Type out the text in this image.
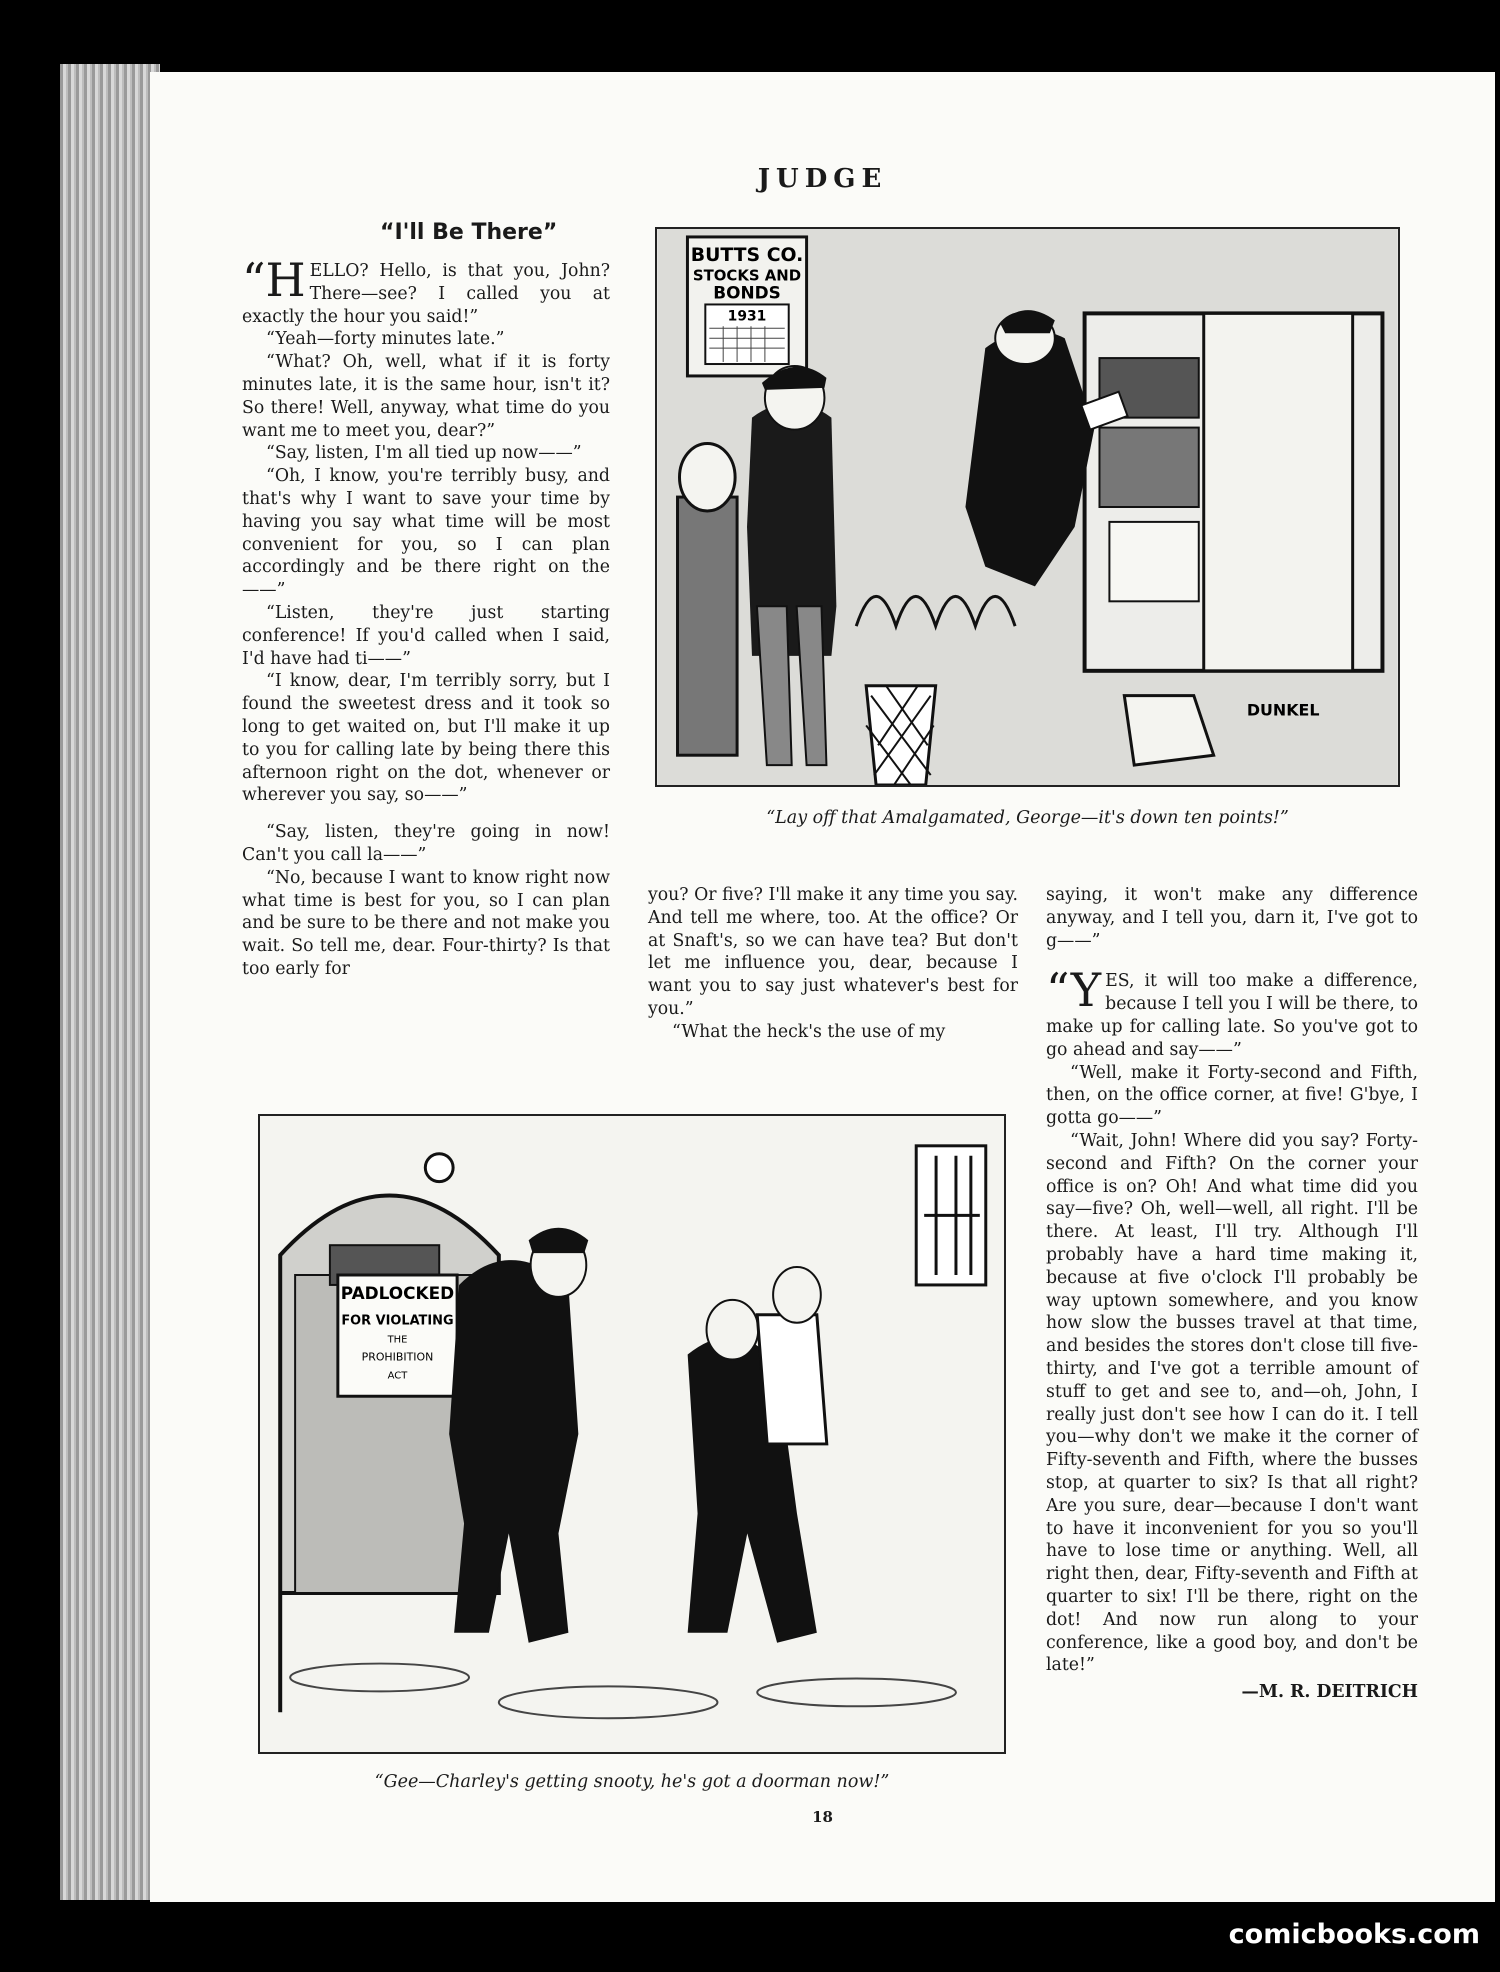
JUDGE
“I'll Be There”

“HELLO? Hello, is that you, John? There—see? I called you at exactly the hour you said!”

“Yeah—forty minutes late.”

“What? Oh, well, what if it is forty minutes late, it is the same hour, isn't it? So there! Well, anyway, what time do you want me to meet you, dear?”

“Say, listen, I'm all tied up now——”

“Oh, I know, you're terribly busy, and that's why I want to save your time by having you say what time will be most convenient for you, so I can plan accordingly and be there right on the——”

“Listen, they're just starting conference! If you'd called when I said, I'd have had ti——”

“I know, dear, I'm terribly sorry, but I found the sweetest dress and it took so long to get waited on, but I'll make it up to you for calling late by being there this afternoon right on the dot, whenever or wherever you say, so——”

“Say, listen, they're going in now! Can't you call la——”

“No, because I want to know right now what time is best for you, so I can plan and be sure to be there and not make you wait. So tell me, dear. Four-thirty? Is that too early for

you? Or five? I'll make it any time you say. And tell me where, too. At the office? Or at Snaft's, so we can have tea? But don't let me influence you, dear, because I want you to say just whatever's best for you.”

“What the heck's the use of my

saying, it won't make any difference anyway, and I tell you, darn it, I've got to g——”

“YES, it will too make a difference, because I tell you I will be there, to make up for calling late. So you've got to go ahead and say——”

“Well, make it Forty-second and Fifth, then, on the office corner, at five! G'bye, I gotta go——”

“Wait, John! Where did you say? Forty-second and Fifth? On the corner your office is on? Oh! And what time did you say—five? Oh, well—well, all right. I'll be there. At least, I'll try. Although I'll probably have a hard time making it, because at five o'clock I'll probably be way uptown somewhere, and you know how slow the busses travel at that time, and besides the stores don't close till five-thirty, and I've got a terrible amount of stuff to get and see to, and—oh, John, I really just don't see how I can do it. I tell you—why don't we make it the corner of Fifty-seventh and Fifth, where the busses stop, at quarter to six? Is that all right? Are you sure, dear—because I don't want to have it inconvenient for you so you'll have to lose time or anything. Well, all right then, dear, Fifty-seventh and Fifth at quarter to six! I'll be there, right on the dot! And now run along to your conference, like a good boy, and don't be late!”

—M. R. DEITRICH
BUTTS CO.
STOCKS AND
BONDS
1931
DUNKEL
“Lay off that Amalgamated, George—it's down ten points!”
PADLOCKED
FOR VIOLATING
THE
PROHIBITION
ACT
“Gee—Charley's getting snooty, he's got a doorman now!”
18
comicbooks.com
